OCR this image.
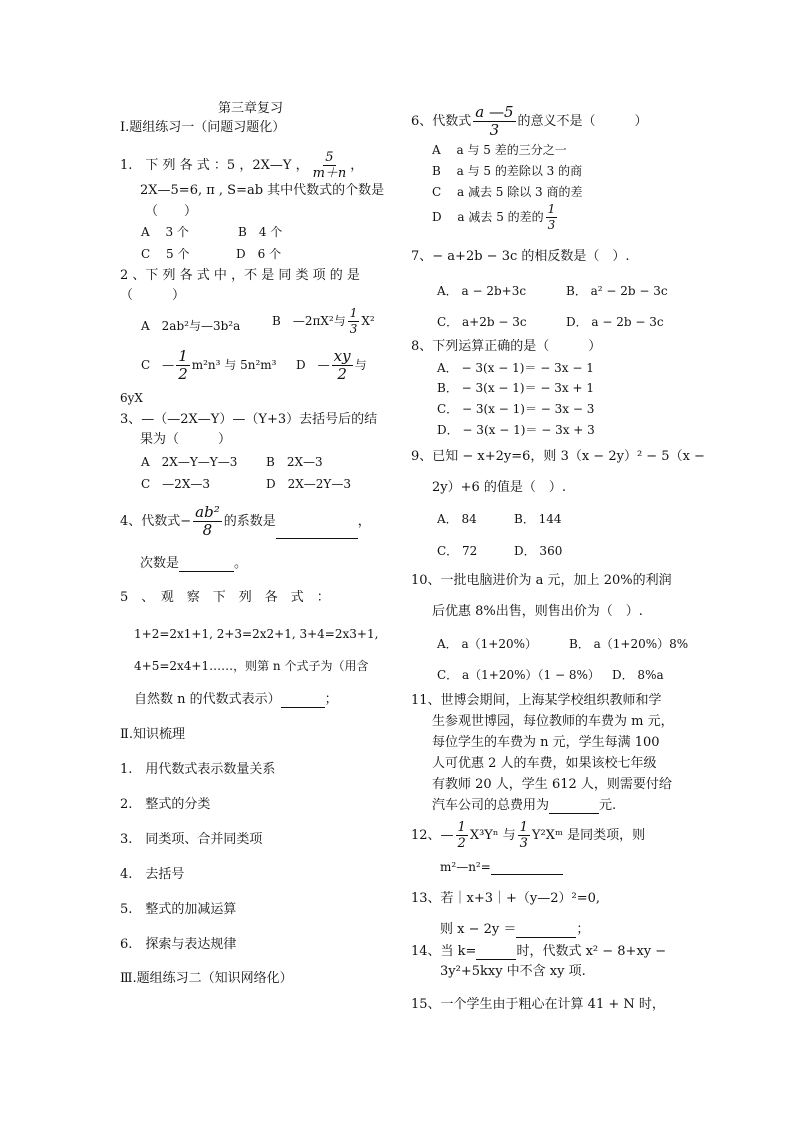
第三章复习
Ⅰ.题组练习一（问题习题化）
1.　下 列 各 式 ：5 ，2X—Y ， $\frac{5}{m+n}$ ，
2X—5=6, π , S=ab 其中代数式的个数是
（　　）
A　 3 个	B　4 个
C　 5 个	D　6 个
2 、下 列 各 式 中 ，不 是 同 类 项 的 是
（　　　）
A　2ab²与—3b²a	B　—2πX²与 $\frac{1}{3} X^2$
C　— $\frac{1}{2} m^2n^3$ 与 5n²m³ D　— $\frac{xy}{2}$ 与
6yX
3、—（—2X—Y）—（Y+3）去括号后的结
果为（　　　）
A　2X—Y—Y—3 B　2X—3
C　—2X—3	D　2X—2Y—3
4、代数式− $\frac{\text{ab²}}{8}$ 的系数是	，
次数是	。
5　、　观　察　下　列　各　式　：
1+2=2x1+1, 2+3=2x2+1, 3+4=2x3+1,
4+5=2x4+1……，则第 n 个式子为（用含
自然数 n 的代数式表示）	；
Ⅱ.知识梳理
1.　用代数式表示数量关系
2.　整式的分类
3.　同类项、合并同类项
4.　去括号
5.　整式的加减运算
6.　探索与表达规律
Ⅲ.题组练习二（知识网络化）
6、代数式 $\frac{a —5}{3}$ 的意义不是（　　　）
A　 a 与 5 差的三分之一
B　 a 与 5 的差除以 3 的商
C　 a 减去 5 除以 3 商的差
D　 a 减去 5 的差的 $\frac{1}{3}$
7、− a+2b − 3c 的相反数是（　）.
A． a − 2b+3c	B． a² − 2b − 3c
C． a+2b − 3c	D． a − 2b − 3c
8、下列运算正确的是（　　　）
A． − 3(x − 1)＝ − 3x − 1
B． − 3(x − 1)＝ − 3x + 1
C． − 3(x − 1)＝ − 3x − 3
D． − 3(x − 1)＝ − 3x + 3
9、已知 − x+2y=6，则 3（x − 2y）² − 5（x −
2y）+6 的值是（　）.
A． 84	B． 144
C． 72	D． 360
10、一批电脑进价为 a 元，加上 20%的利润
后优惠 8%出售，则售出价为（　）.
A． a（1+20%）	B． a（1+20%）8%
C． a（1+20%）（1 − 8%） D． 8%a
11、世博会期间，上海某学校组织教师和学
生参观世博园，每位教师的车费为 m 元，
每位学生的车费为 n 元，学生每满 100
人可优惠 2 人的车费，如果该校七年级
有教师 20 人，学生 612 人，则需要付给
汽车公司的总费用为	元.
12、— $\frac{1}{2} X^3Y^n$ 与 $\frac{1}{3}$ Y²Xᵐ 是同类项，则
m²—n²=
13、若｜x+3｜+（y—2）²=0,
则 x − 2y ＝	；
14、当 k=	时，代数式 x² − 8+xy −
3y²+5kxy 中不含 xy 项.
15、一个学生由于粗心在计算 41 + N 时，
